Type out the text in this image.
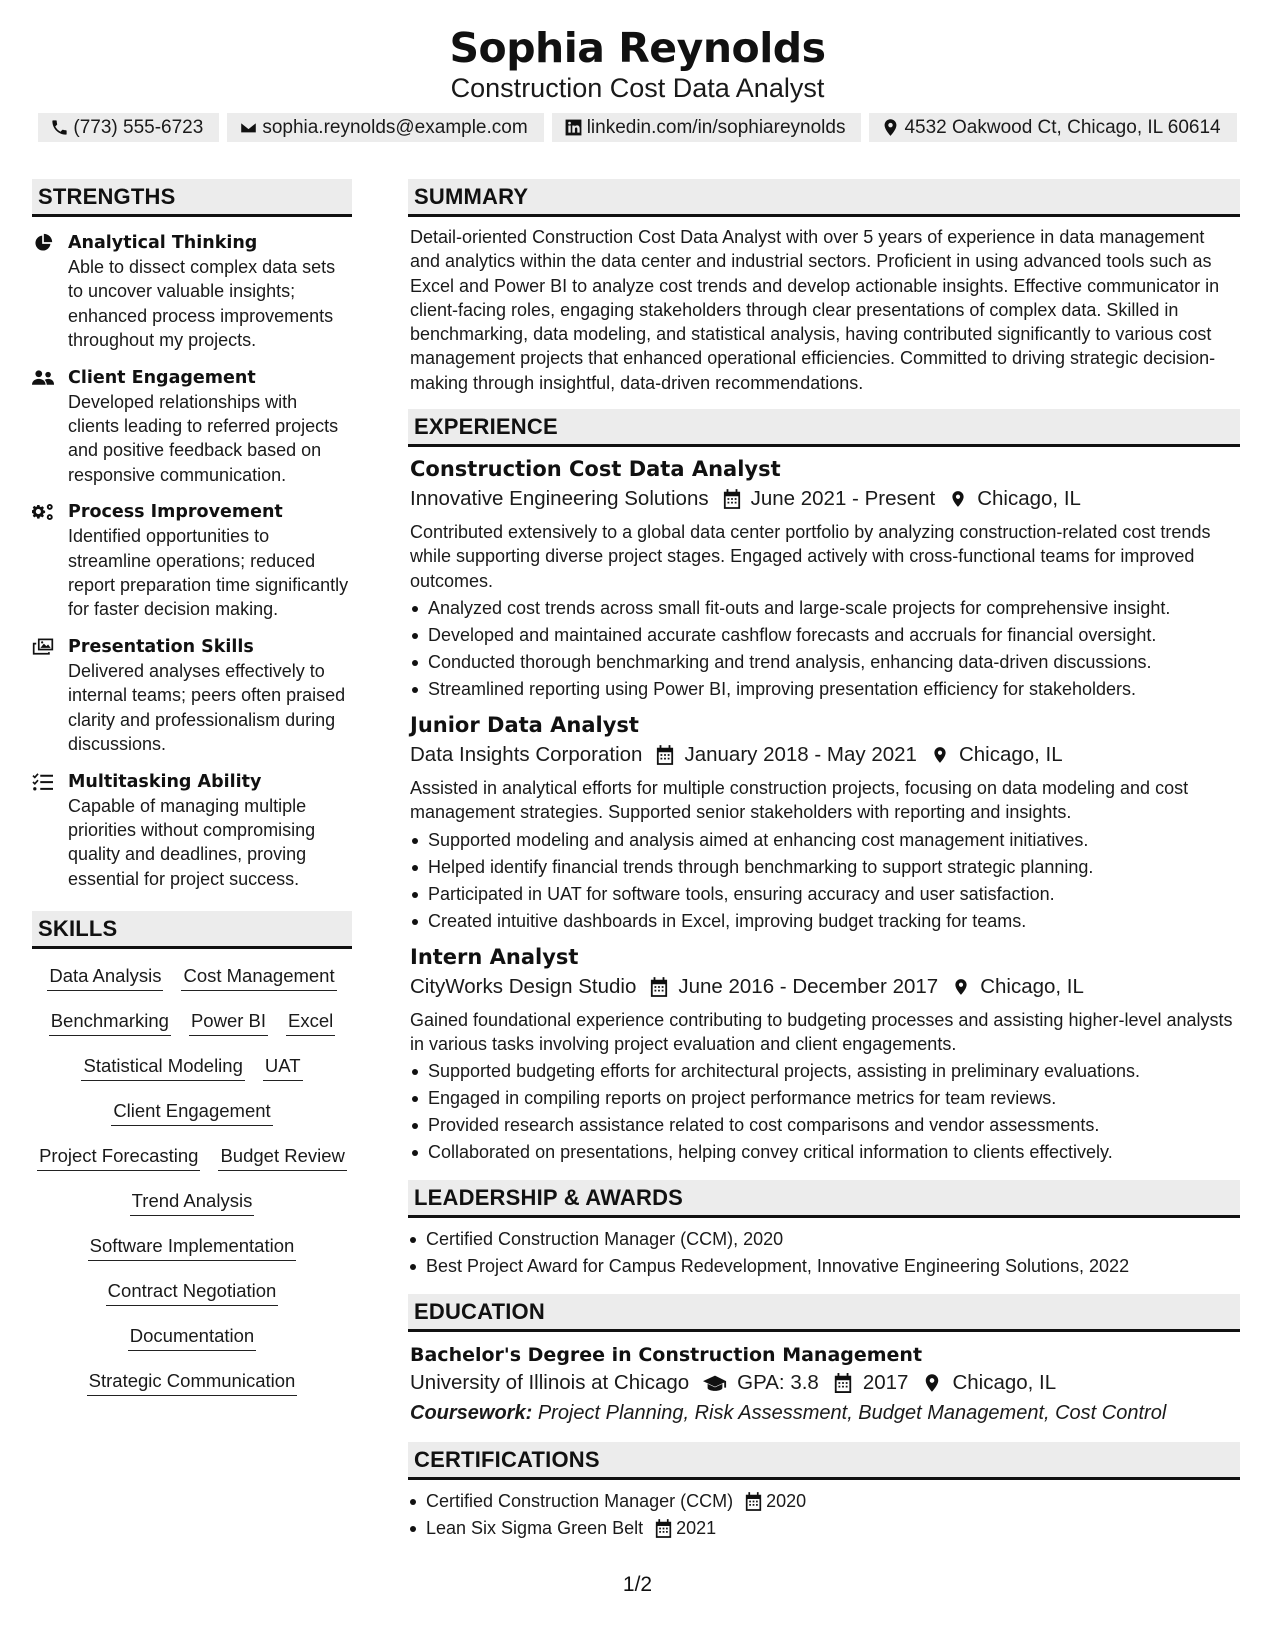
Sophia Reynolds
Construction Cost Data Analyst
(773) 555-6723	sophia.reynolds@example.com	linkedin.com/in/sophiareynolds	4532 Oakwood Ct, Chicago, IL 60614
STRENGTHS
Analytical Thinking
Able to dissect complex data sets to uncover valuable insights; enhanced process improvements throughout my projects.
Client Engagement
Developed relationships with clients leading to referred projects and positive feedback based on responsive communication.
Process Improvement
Identified opportunities to streamline operations; reduced report preparation time significantly for faster decision making.
Presentation Skills
Delivered analyses effectively to internal teams; peers often praised clarity and professionalism during discussions.
Multitasking Ability
Capable of managing multiple priorities without compromising quality and deadlines, proving essential for project success.
SKILLS
Data Analysis Cost Management
Benchmarking Power BI Excel
Statistical Modeling UAT
Client Engagement
Project Forecasting Budget Review
Trend Analysis
Software Implementation
Contract Negotiation
Documentation
Strategic Communication
SUMMARY
Detail-oriented Construction Cost Data Analyst with over 5 years of experience in data management and analytics within the data center and industrial sectors. Proficient in using advanced tools such as Excel and Power BI to analyze cost trends and develop actionable insights. Effective communicator in client-facing roles, engaging stakeholders through clear presentations of complex data. Skilled in benchmarking, data modeling, and statistical analysis, having contributed significantly to various cost management projects that enhanced operational efficiencies. Committed to driving strategic decision-making through insightful, data-driven recommendations.
EXPERIENCE
Construction Cost Data Analyst
Innovative Engineering Solutions June 2021 - Present Chicago, IL
Contributed extensively to a global data center portfolio by analyzing construction-related cost trends while supporting diverse project stages. Engaged actively with cross-functional teams for improved outcomes.
Analyzed cost trends across small fit-outs and large-scale projects for comprehensive insight.
Developed and maintained accurate cashflow forecasts and accruals for financial oversight.
Conducted thorough benchmarking and trend analysis, enhancing data-driven discussions.
Streamlined reporting using Power BI, improving presentation efficiency for stakeholders.
Junior Data Analyst
Data Insights Corporation January 2018 - May 2021 Chicago, IL
Assisted in analytical efforts for multiple construction projects, focusing on data modeling and cost management strategies. Supported senior stakeholders with reporting and insights.
Supported modeling and analysis aimed at enhancing cost management initiatives.
Helped identify financial trends through benchmarking to support strategic planning.
Participated in UAT for software tools, ensuring accuracy and user satisfaction.
Created intuitive dashboards in Excel, improving budget tracking for teams.
Intern Analyst
CityWorks Design Studio June 2016 - December 2017 Chicago, IL
Gained foundational experience contributing to budgeting processes and assisting higher-level analysts in various tasks involving project evaluation and client engagements.
Supported budgeting efforts for architectural projects, assisting in preliminary evaluations.
Engaged in compiling reports on project performance metrics for team reviews.
Provided research assistance related to cost comparisons and vendor assessments.
Collaborated on presentations, helping convey critical information to clients effectively.
LEADERSHIP & AWARDS
Certified Construction Manager (CCM), 2020
Best Project Award for Campus Redevelopment, Innovative Engineering Solutions, 2022
EDUCATION
Bachelor's Degree in Construction Management
University of Illinois at Chicago GPA: 3.8 2017 Chicago, IL
Coursework: Project Planning, Risk Assessment, Budget Management, Cost Control
CERTIFICATIONS
Certified Construction Manager (CCM) 2020
Lean Six Sigma Green Belt 2021
1/2
